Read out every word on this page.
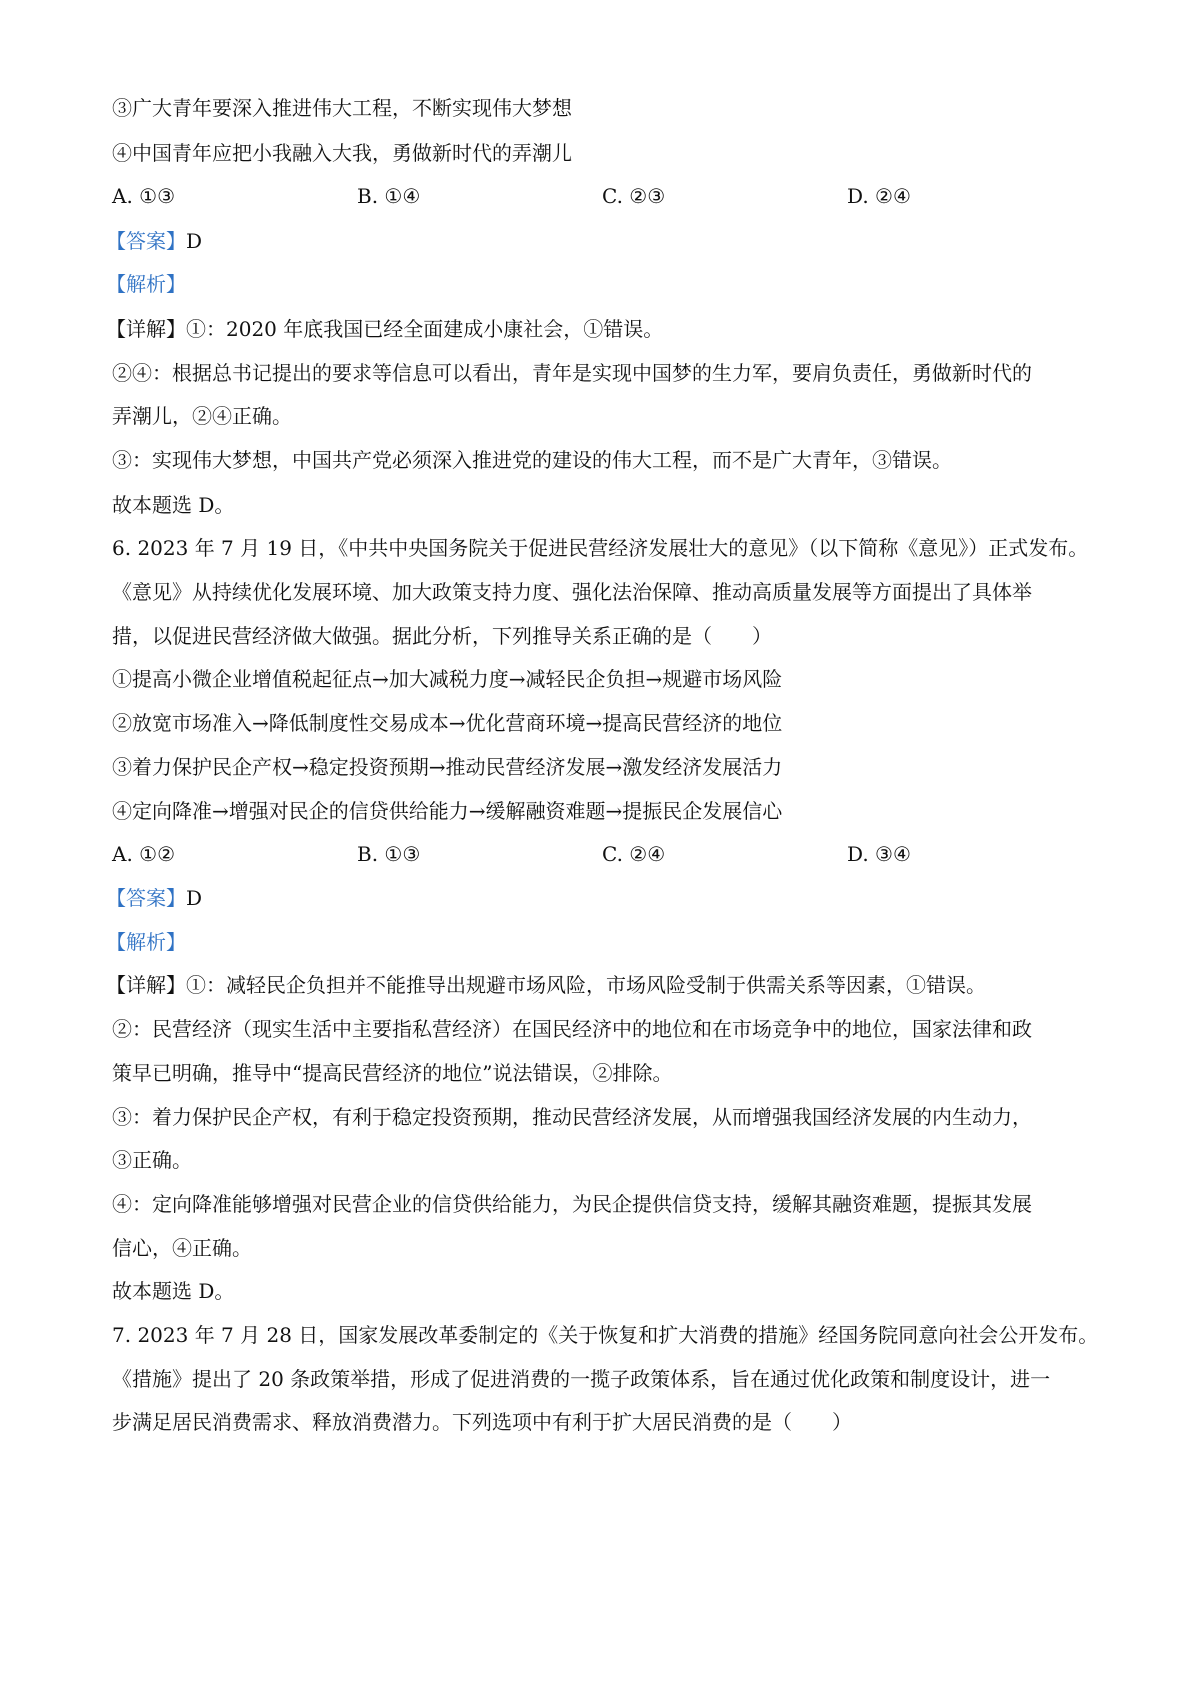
③广大青年要深入推进伟大工程，不断实现伟大梦想
④中国青年应把小我融入大我，勇做新时代的弄潮儿
A. ①③	B. ①④	C. ②③	D. ②④
【答案】D
【解析】
【详解】①：2020 年底我国已经全面建成小康社会，①错误。
②④：根据总书记提出的要求等信息可以看出，青年是实现中国梦的生力军，要肩负责任，勇做新时代的
弄潮儿，②④正确。
③：实现伟大梦想，中国共产党必须深入推进党的建设的伟大工程，而不是广大青年，③错误。
故本题选 D。
6. 2023 年 7 月 19 日，《中共中央国务院关于促进民营经济发展壮大的意见》（以下简称《意见》）正式发布。
《意见》从持续优化发展环境、加大政策支持力度、强化法治保障、推动高质量发展等方面提出了具体举
措，以促进民营经济做大做强。据此分析，下列推导关系正确的是（　　）
①提高小微企业增值税起征点→加大减税力度→减轻民企负担→规避市场风险
②放宽市场准入→降低制度性交易成本→优化营商环境→提高民营经济的地位
③着力保护民企产权→稳定投资预期→推动民营经济发展→激发经济发展活力
④定向降准→增强对民企的信贷供给能力→缓解融资难题→提振民企发展信心
A. ①②	B. ①③	C. ②④	D. ③④
【答案】D
【解析】
【详解】①：减轻民企负担并不能推导出规避市场风险，市场风险受制于供需关系等因素，①错误。
②：民营经济（现实生活中主要指私营经济）在国民经济中的地位和在市场竞争中的地位，国家法律和政
策早已明确，推导中“提高民营经济的地位”说法错误，②排除。
③：着力保护民企产权，有利于稳定投资预期，推动民营经济发展，从而增强我国经济发展的内生动力，
③正确。
④：定向降准能够增强对民营企业的信贷供给能力，为民企提供信贷支持，缓解其融资难题，提振其发展
信心，④正确。
故本题选 D。
7. 2023 年 7 月 28 日，国家发展改革委制定的《关于恢复和扩大消费的措施》经国务院同意向社会公开发布。
《措施》提出了 20 条政策举措，形成了促进消费的一揽子政策体系，旨在通过优化政策和制度设计，进一
步满足居民消费需求、释放消费潜力。下列选项中有利于扩大居民消费的是（　　）
